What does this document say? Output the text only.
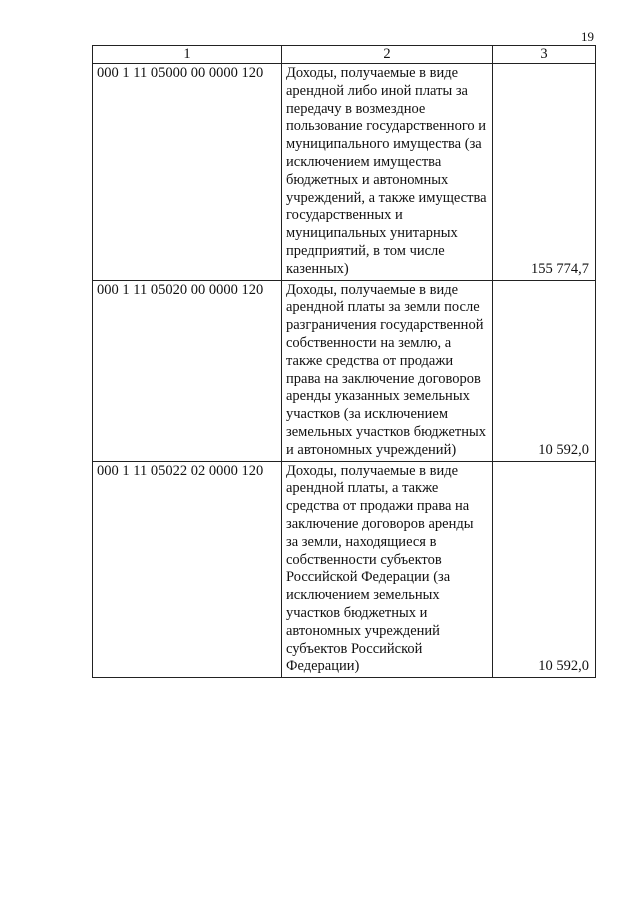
19
1	2	3
000 1 11 05000 00 0000 120	Доходы, получаемые в виде арендной либо иной платы за передачу в возмездное пользование государственного и муниципального имущества (за исключением имущества бюджетных и автономных учреждений, а также имущества государственных и муниципальных унитарных предприятий, в том числе казенных)	155 774,7
000 1 11 05020 00 0000 120	Доходы, получаемые в виде арендной платы за земли после разграничения государственной собственности на землю, а также средства от продажи права на заключение договоров аренды указанных земельных участков (за исключением земельных участков бюджетных и автономных учреждений)	10 592,0
000 1 11 05022 02 0000 120	Доходы, получаемые в виде арендной платы, а также средства от продажи права на заключение договоров аренды за земли, находящиеся в собственности субъектов Российской Федерации (за исключением земельных участков бюджетных и автономных учреждений субъектов Российской Федерации)	10 592,0
